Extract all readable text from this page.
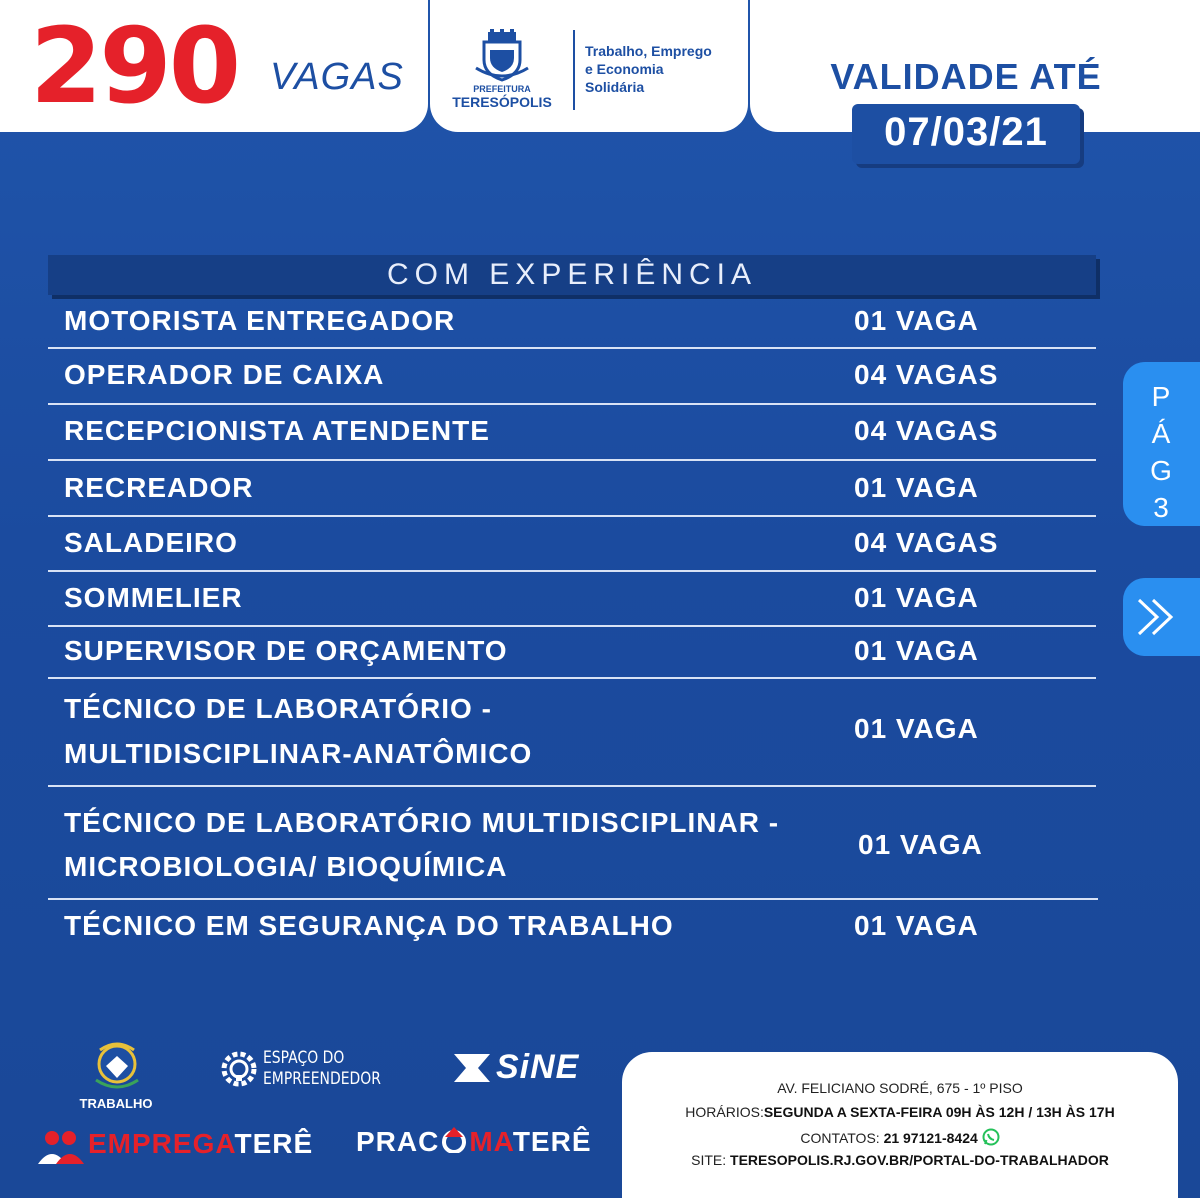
290 VAGAS	PREFEITURA
TERESÓPOLIS
Trabalho, Emprego
e Economia
Solidária	VALIDADE ATÉ
07/03/21
COM EXPERIÊNCIA
MOTORISTA ENTREGADOR	01 VAGA
OPERADOR DE CAIXA	04 VAGAS
RECEPCIONISTA ATENDENTE	04 VAGAS
RECREADOR	01 VAGA
SALADEIRO	04 VAGAS
SOMMELIER	01 VAGA
SUPERVISOR DE ORÇAMENTO	01 VAGA
TÉCNICO DE LABORATÓRIO -
MULTIDISCIPLINAR-ANATÔMICO
01 VAGA
TÉCNICO DE LABORATÓRIO MULTIDISCIPLINAR -
MICROBIOLOGIA/ BIOQUÍMICA
01 VAGA
TÉCNICO EM SEGURANÇA DO TRABALHO	01 VAGA
P
Á
G
3
TRABALHO
ESPAÇO DO
EMPREENDEDOR	SiNE
EMPREGATERÊ PRAC MATERÊ
AV. FELICIANO SODRÉ, 675 - 1º PISO
HORÁRIOS:SEGUNDA A SEXTA-FEIRA 09H ÀS 12H / 13H ÀS 17H
CONTATOS: 21 97121-8424
SITE: TERESOPOLIS.RJ.GOV.BR/PORTAL-DO-TRABALHADOR
